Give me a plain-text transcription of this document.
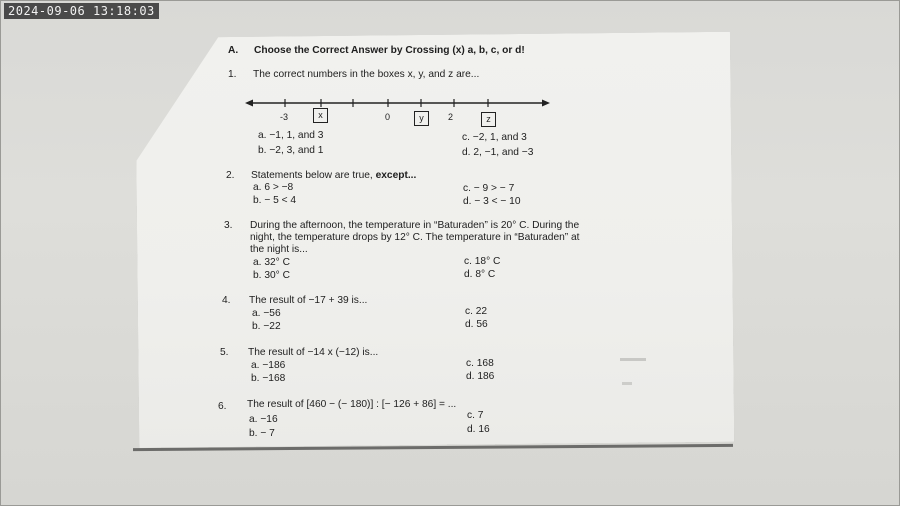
2024-09-06 13:18:03
A. Choose the Correct Answer by Crossing (x) a, b, c, or d!
1. The correct numbers in the boxes x, y, and z are...
-3	0	2
x	y	z
a. −1, 1, and 3
b. −2, 3, and 1
c. −2, 1, and 3
d. 2, −1, and −3
2. Statements below are true, except...
a. 6 > −8
b. − 5 < 4
c. − 9 > − 7
d. − 3 < − 10
3. During the afternoon, the temperature in “Baturaden” is 20° C. During the
night, the temperature drops by 12° C. The temperature in “Baturaden” at
the night is...
a. 32° C
b. 30° C
c. 18° C
d. 8° C
4. The result of −17 + 39 is...
a. −56
b. −22
c. 22
d. 56
5. The result of −14 x (−12) is...
a. −186
b. −168
c. 168
d. 186
6. The result of [460 − (− 180)] : [− 126 + 86] = ...
a. −16
b. − 7
c. 7
d. 16
